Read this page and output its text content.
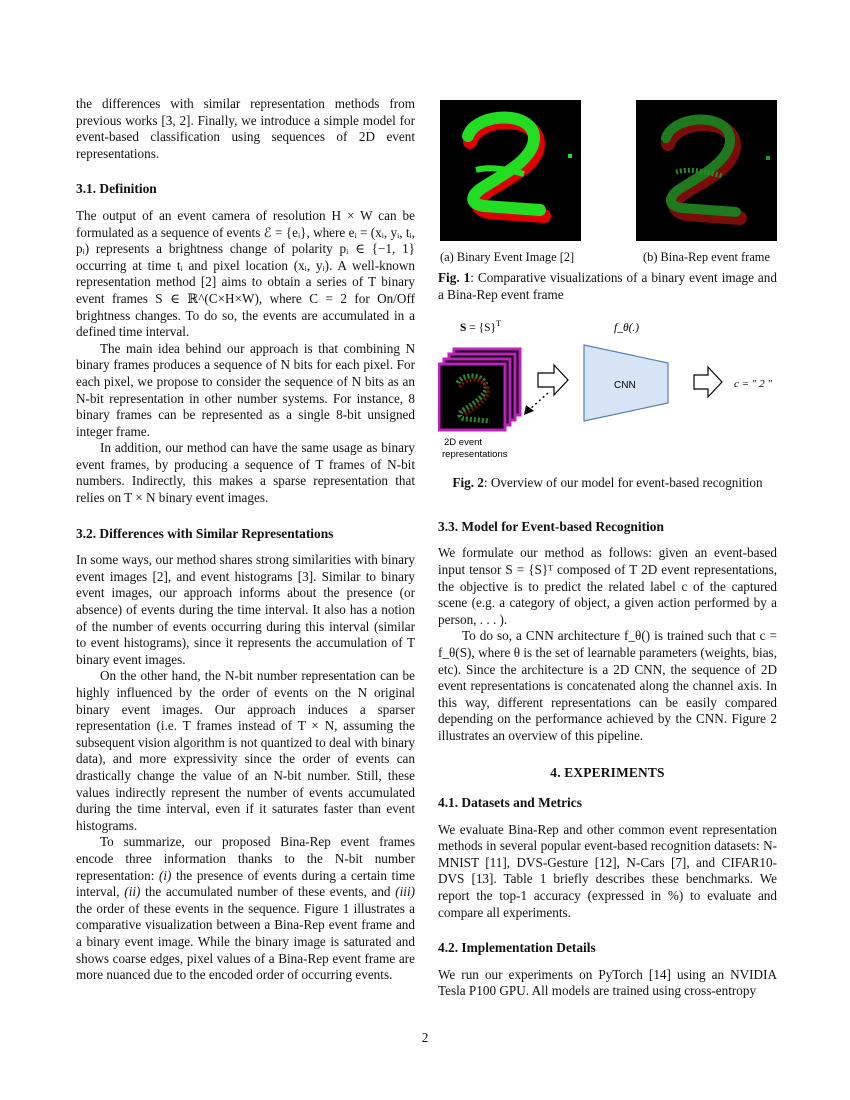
the differences with similar representation methods from previous works [3, 2]. Finally, we introduce a simple model for event-based classification using sequences of 2D event representations.

3.1. Definition

The output of an event camera of resolution H × W can be formulated as a sequence of events ℰ = {eᵢ}, where eᵢ = (xᵢ, yᵢ, tᵢ, pᵢ) represents a brightness change of polarity pᵢ ∈ {−1, 1} occurring at time tᵢ and pixel location (xᵢ, yᵢ). A well-known representation method [2] aims to obtain a series of T binary event frames S ∈ ℝ^(C×H×W), where C = 2 for On/Off brightness changes. To do so, the events are accumulated in a defined time interval.

The main idea behind our approach is that combining N binary frames produces a sequence of N bits for each pixel. For each pixel, we propose to consider the sequence of N bits as an N-bit representation in other number systems. For instance, 8 binary frames can be represented as a single 8-bit unsigned integer frame.

In addition, our method can have the same usage as binary event frames, by producing a sequence of T frames of N-bit numbers. Indirectly, this makes a sparse representation that relies on T × N binary event images.

3.2. Differences with Similar Representations

In some ways, our method shares strong similarities with binary event images [2], and event histograms [3]. Similar to binary event images, our approach informs about the presence (or absence) of events during the time interval. It also has a notion of the number of events occurring during this interval (similar to event histograms), since it represents the accumulation of T binary event images.

On the other hand, the N-bit number representation can be highly influenced by the order of events on the N original binary event images. Our approach induces a sparser representation (i.e. T frames instead of T × N, assuming the subsequent vision algorithm is not quantized to deal with binary data), and more expressivity since the order of events can drastically change the value of an N-bit number. Still, these values indirectly represent the number of events accumulated during the time interval, even if it saturates faster than event histograms.

To summarize, our proposed Bina-Rep event frames encode three information thanks to the N-bit number representation: (i) the presence of events during a certain time interval, (ii) the accumulated number of these events, and (iii) the order of these events in the sequence. Figure 1 illustrates a comparative visualization between a Bina-Rep event frame and a binary event image. While the binary image is saturated and shows coarse edges, pixel values of a Bina-Rep event frame are more nuanced due to the encoded order of occurring events.

(a) Binary Event Image [2]	(b) Bina-Rep event frame

Fig. 1: Comparative visualizations of a binary event image and a Bina-Rep event frame

$S = \{S\}^T$	f_θ(.)
2D event
representations
CNN	c = " 2 "

Fig. 2: Overview of our model for event-based recognition

3.3. Model for Event-based Recognition

We formulate our method as follows: given an event-based input tensor S = {S}ᵀ composed of T 2D event representations, the objective is to predict the related label c of the captured scene (e.g. a category of object, a given action performed by a person, . . . ).

To do so, a CNN architecture f_θ() is trained such that c = f_θ(S), where θ is the set of learnable parameters (weights, bias, etc). Since the architecture is a 2D CNN, the sequence of 2D event representations is concatenated along the channel axis. In this way, different representations can be easily compared depending on the performance achieved by the CNN. Figure 2 illustrates an overview of this pipeline.

4. EXPERIMENTS
4.1. Datasets and Metrics

We evaluate Bina-Rep and other common event representation methods in several popular event-based recognition datasets: N-MNIST [11], DVS-Gesture [12], N-Cars [7], and CIFAR10-DVS [13]. Table 1 briefly describes these benchmarks. We report the top-1 accuracy (expressed in %) to evaluate and compare all experiments.

4.2. Implementation Details

We run our experiments on PyTorch [14] using an NVIDIA Tesla P100 GPU. All models are trained using cross-entropy

2
